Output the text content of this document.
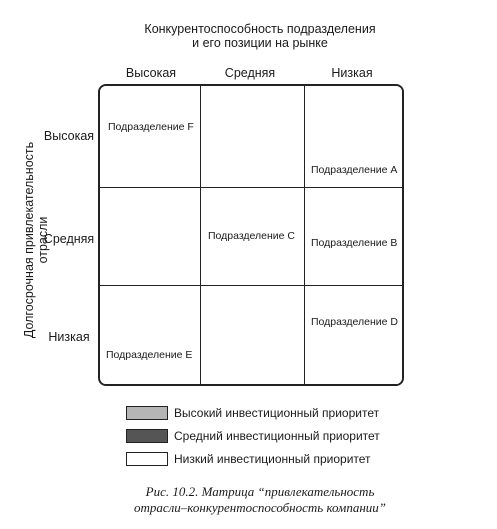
Конкурентоспособность подразделения
и его позиции на рынке
Высокая	Средняя	Низкая
Высокая
Средняя
Низкая
Долгосрочная привлекательность отрасли
Подразделение F
Подразделение A
Подразделение C
Подразделение B
Подразделение E
Подразделение D
Высокий инвестиционный приоритет
Средний инвестиционный приоритет
Низкий инвестиционный приоритет
Рис. 10.2. Матрица “привлекательность
отрасли–конкурентоспособность компании”
